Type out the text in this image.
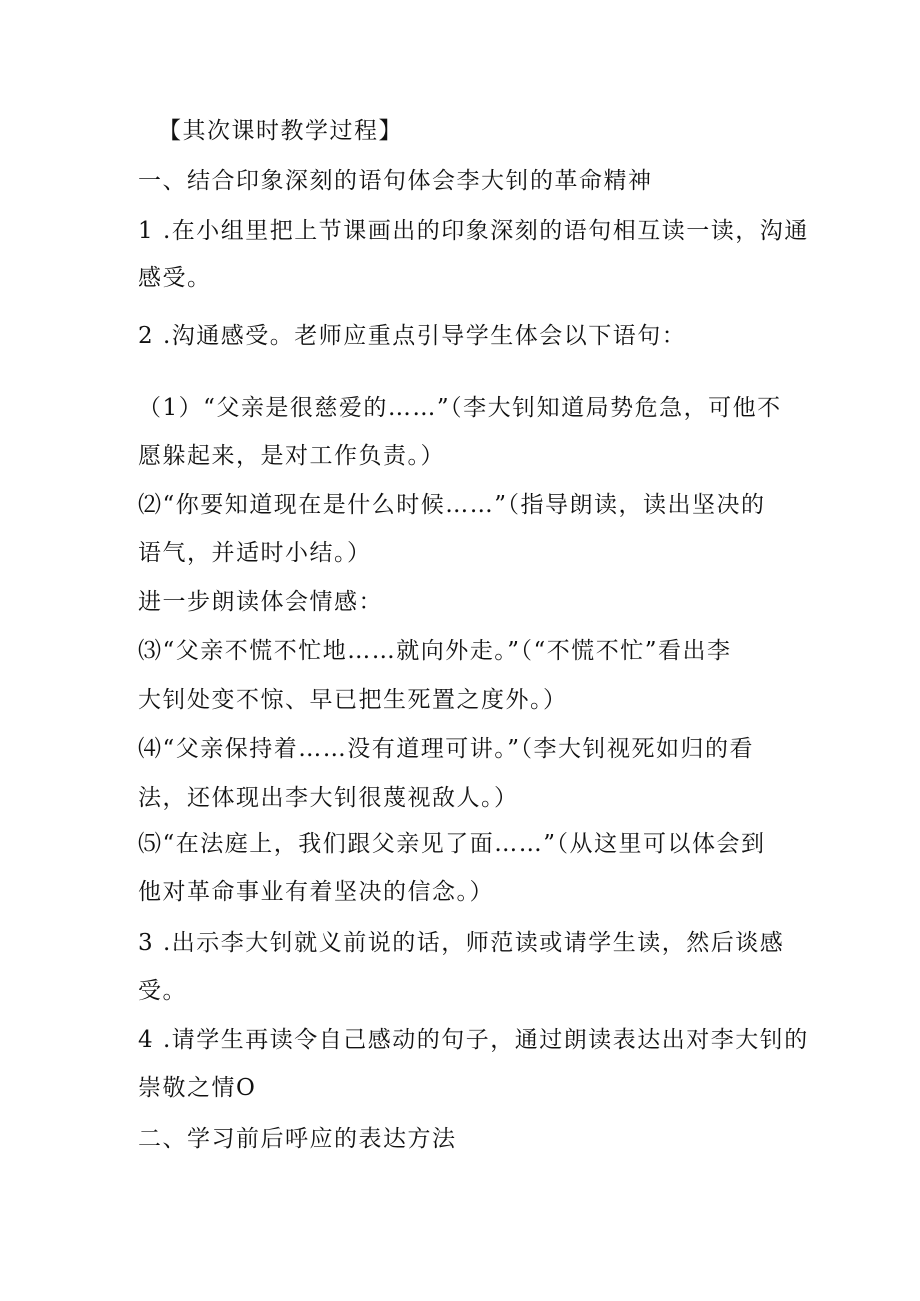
【其次课时教学过程】
一、结合印象深刻的语句体会李大钊的革命精神
1 .在小组里把上节课画出的印象深刻的语句相互读一读，沟通
感受。
2 .沟通感受。老师应重点引导学生体会以下语句：
（1）“父亲是很慈爱的……”（李大钊知道局势危急，可他不
愿躲起来，是对工作负责。）
⑵“你要知道现在是什么时候……”（指导朗读，读出坚决的
语气，并适时小结。）
进一步朗读体会情感：
⑶“父亲不慌不忙地……就向外走。”（“不慌不忙”看出李
大钊处变不惊、早已把生死置之度外。）
⑷“父亲保持着……没有道理可讲。”（李大钊视死如归的看
法，还体现出李大钊很蔑视敌人。）
⑸“在法庭上，我们跟父亲见了面……”（从这里可以体会到
他对革命事业有着坚决的信念。）
3 .出示李大钊就义前说的话，师范读或请学生读，然后谈感
受。
4 .请学生再读令自己感动的句子，通过朗读表达出对李大钊的
崇敬之情O
二、学习前后呼应的表达方法
